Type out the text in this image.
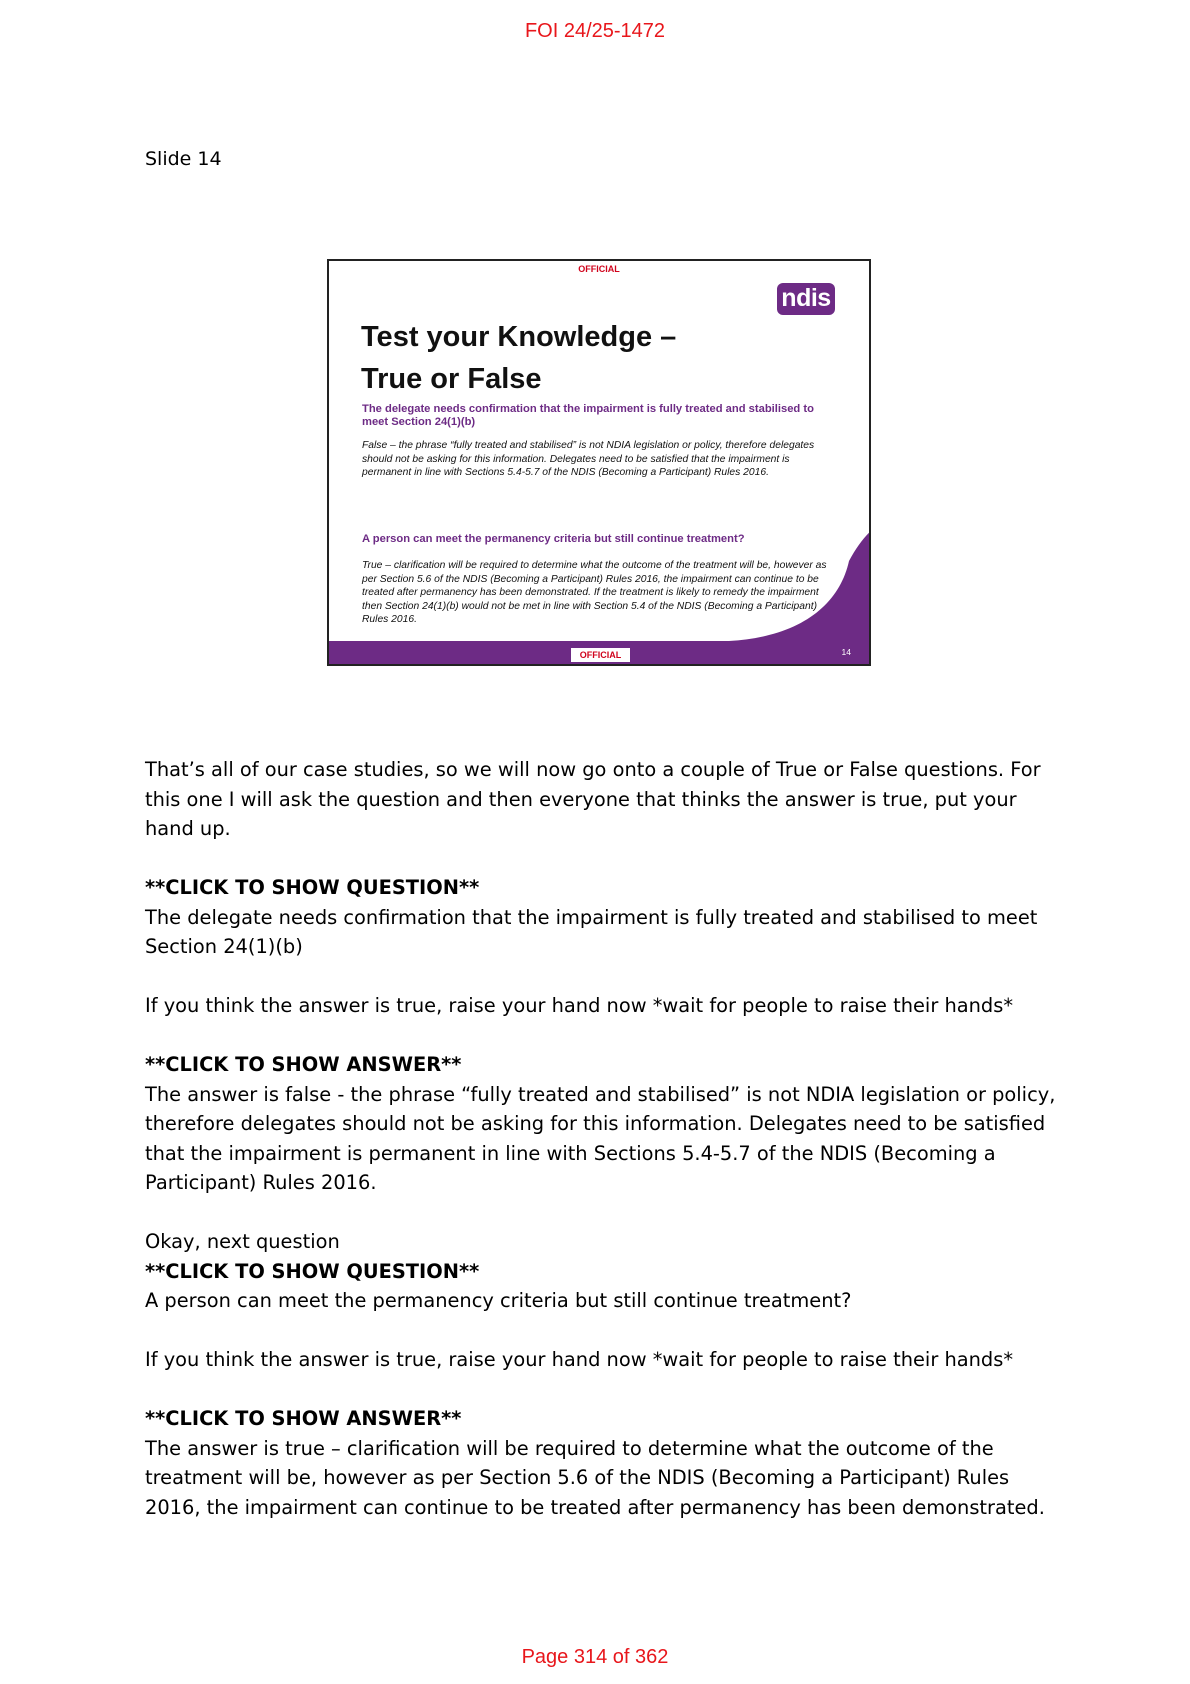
FOI 24/25-1472
Slide 14
OFFICIAL
ndis
Test your Knowledge –
True or False

The delegate needs confirmation that the impairment is fully treated and stabilised to meet Section 24(1)(b)

False – the phrase “fully treated and stabilised” is not NDIA legislation or policy, therefore delegates should not be asking for this information. Delegates need to be satisfied that the impairment is permanent in line with Sections 5.4-5.7 of the NDIS (Becoming a Participant) Rules 2016.

A person can meet the permanency criteria but still continue treatment?

True – clarification will be required to determine what the outcome of the treatment will be, however as per Section 5.6 of the NDIS (Becoming a Participant) Rules 2016, the impairment can continue to be treated after permanency has been demonstrated. If the treatment is likely to remedy the impairment then Section 24(1)(b) would not be met in line with Section 5.4 of the NDIS (Becoming a Participant) Rules 2016.

OFFICIAL	14

That’s all of our case studies, so we will now go onto a couple of True or False questions. For this one I will ask the question and then everyone that thinks the answer is true, put your hand up.

**CLICK TO SHOW QUESTION**
The delegate needs confirmation that the impairment is fully treated and stabilised to meet Section 24(1)(b)

If you think the answer is true, raise your hand now *wait for people to raise their hands*

**CLICK TO SHOW ANSWER**
The answer is false - the phrase “fully treated and stabilised” is not NDIA legislation or policy, therefore delegates should not be asking for this information. Delegates need to be satisfied that the impairment is permanent in line with Sections 5.4-5.7 of the NDIS (Becoming a Participant) Rules 2016.

Okay, next question
**CLICK TO SHOW QUESTION**
A person can meet the permanency criteria but still continue treatment?

If you think the answer is true, raise your hand now *wait for people to raise their hands*

**CLICK TO SHOW ANSWER**
The answer is true – clarification will be required to determine what the outcome of the treatment will be, however as per Section 5.6 of the NDIS (Becoming a Participant) Rules 2016, the impairment can continue to be treated after permanency has been demonstrated.

Page 314 of 362
